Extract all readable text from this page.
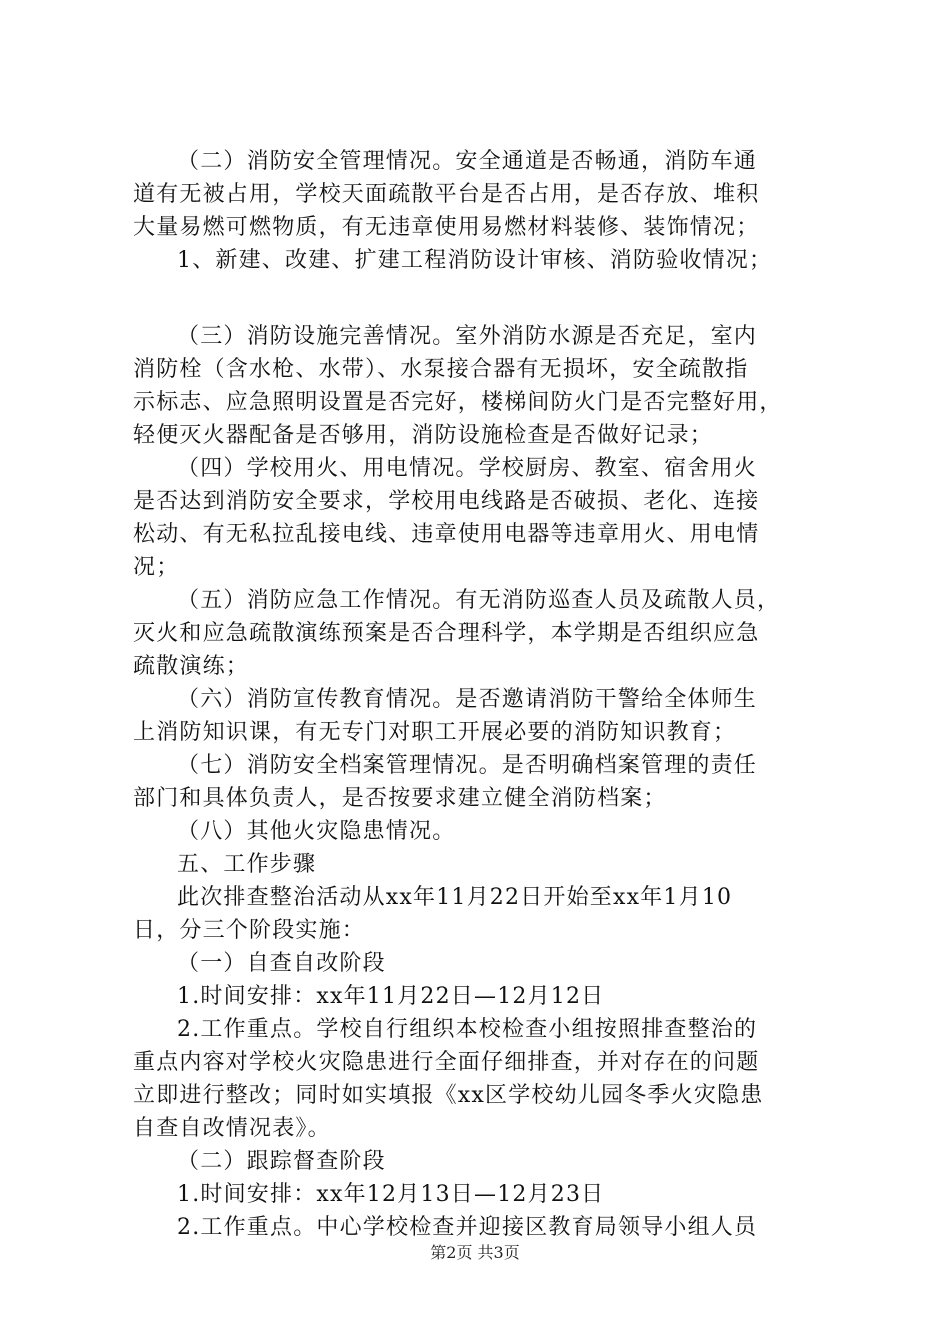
（二）消防安全管理情况。安全通道是否畅通，消防车通
道有无被占用，学校天面疏散平台是否占用，是否存放、堆积
大量易燃可燃物质，有无违章使用易燃材料装修、装饰情况；
1、新建、改建、扩建工程消防设计审核、消防验收情况；
（三）消防设施完善情况。室外消防水源是否充足，室内
消防栓（含水枪、水带）、水泵接合器有无损坏，安全疏散指
示标志、应急照明设置是否完好，楼梯间防火门是否完整好用，
轻便灭火器配备是否够用，消防设施检查是否做好记录；
（四）学校用火、用电情况。学校厨房、教室、宿舍用火
是否达到消防安全要求，学校用电线路是否破损、老化、连接
松动、有无私拉乱接电线、违章使用电器等违章用火、用电情
况；
（五）消防应急工作情况。有无消防巡查人员及疏散人员，
灭火和应急疏散演练预案是否合理科学，本学期是否组织应急
疏散演练；
（六）消防宣传教育情况。是否邀请消防干警给全体师生
上消防知识课，有无专门对职工开展必要的消防知识教育；
（七）消防安全档案管理情况。是否明确档案管理的责任
部门和具体负责人，是否按要求建立健全消防档案；
（八）其他火灾隐患情况。
五、工作步骤
此次排查整治活动从xx年11月22日开始至xx年1月10
日，分三个阶段实施：
（一）自查自改阶段
1.时间安排：xx年11月22日—12月12日
2.工作重点。学校自行组织本校检查小组按照排查整治的
重点内容对学校火灾隐患进行全面仔细排查，并对存在的问题
立即进行整改；同时如实填报《xx区学校幼儿园冬季火灾隐患
自查自改情况表》。
（二）跟踪督查阶段
1.时间安排：xx年12月13日—12月23日
2.工作重点。中心学校检查并迎接区教育局领导小组人员
第2页 共3页
